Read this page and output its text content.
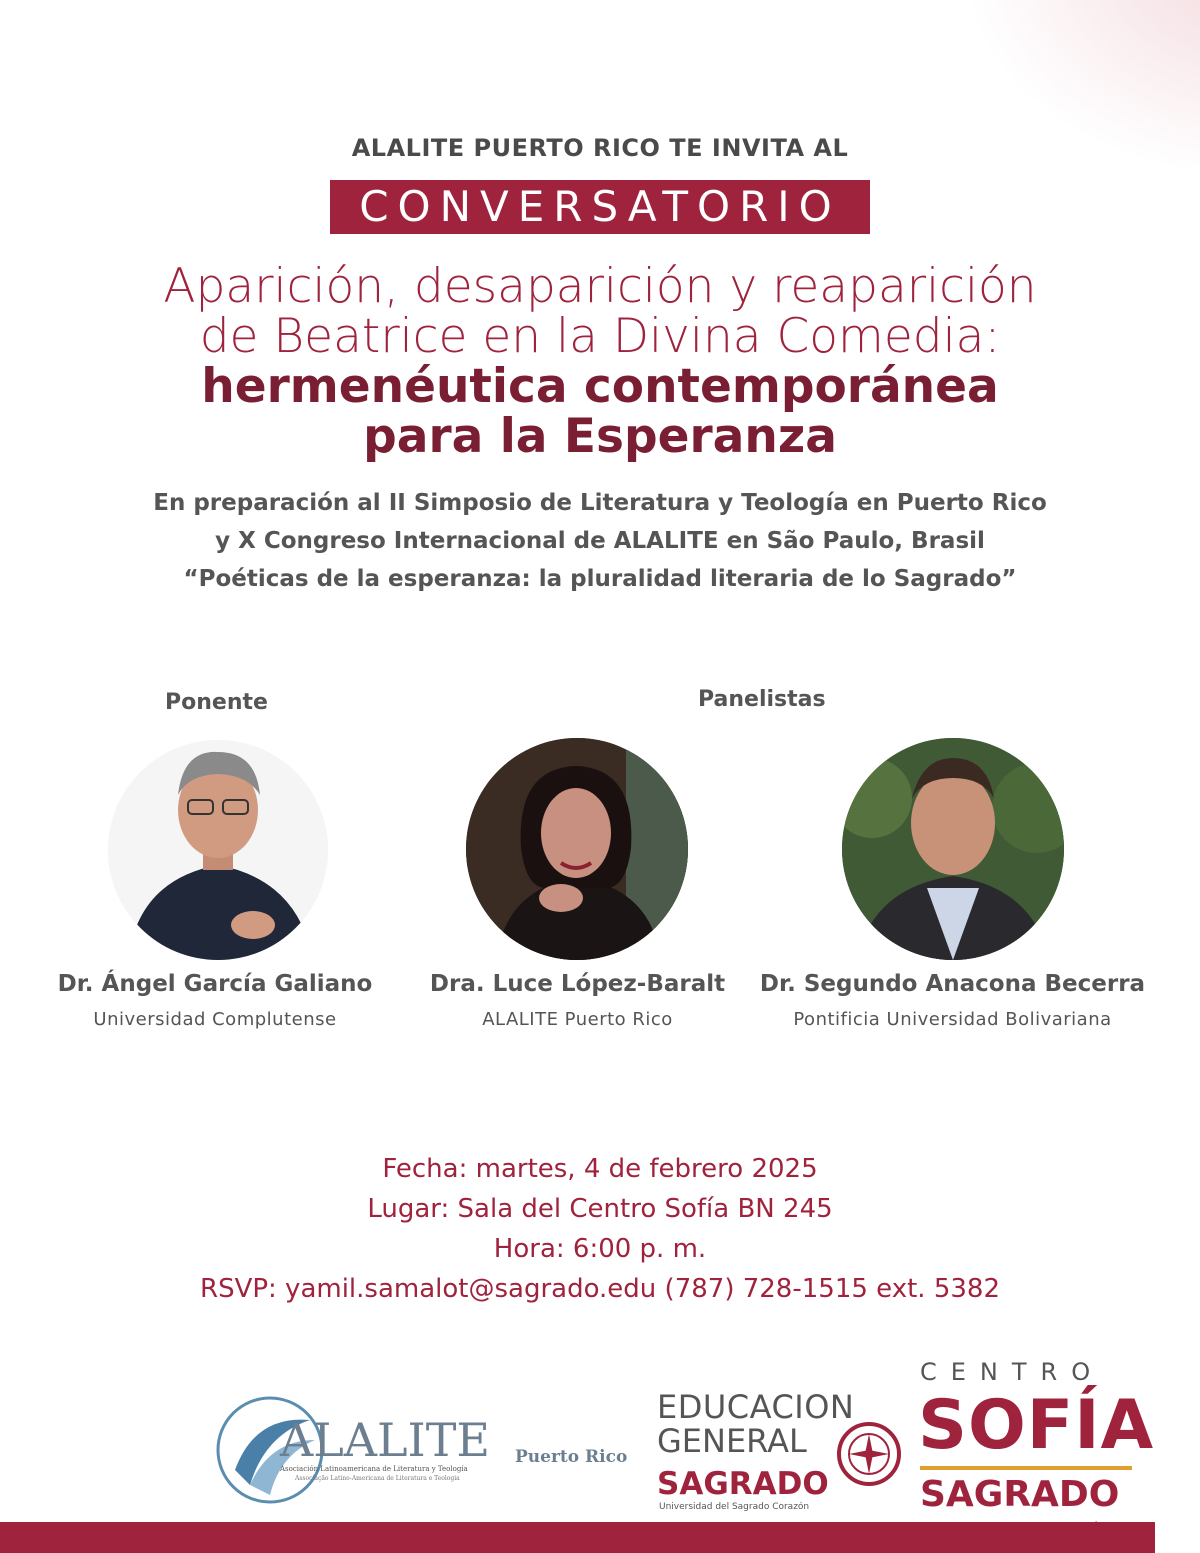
ALALITE PUERTO RICO TE INVITA AL
CONVERSATORIO
Aparición, desaparición y reaparición
de Beatrice en la Divina Comedia:
hermenéutica contemporánea
para la Esperanza
En preparación al II Simposio de Literatura y Teología en Puerto Rico
y X Congreso Internacional de ALALITE en São Paulo, Brasil
“Poéticas de la esperanza: la pluralidad literaria de lo Sagrado”
Ponente	Panelistas
Dr. Ángel García Galiano
Universidad Complutense
Dra. Luce López-Baralt
ALALITE Puerto Rico
Dr. Segundo Anacona Becerra
Pontificia Universidad Bolivariana
Fecha: martes, 4 de febrero 2025
Lugar: Sala del Centro Sofía BN 245
Hora: 6:00 p. m.
RSVP: yamil.samalot@sagrado.edu (787) 728-1515 ext. 5382
ALALITE Puerto Rico
Asociación Latinoamericana de Literatura y Teología
Associação Latino-Americana de Literatura e Teologia
EDUCACION
GENERAL
SAGRADO
Universidad del Sagrado Corazón
CENTRO
SOFÍA
SAGRADO
